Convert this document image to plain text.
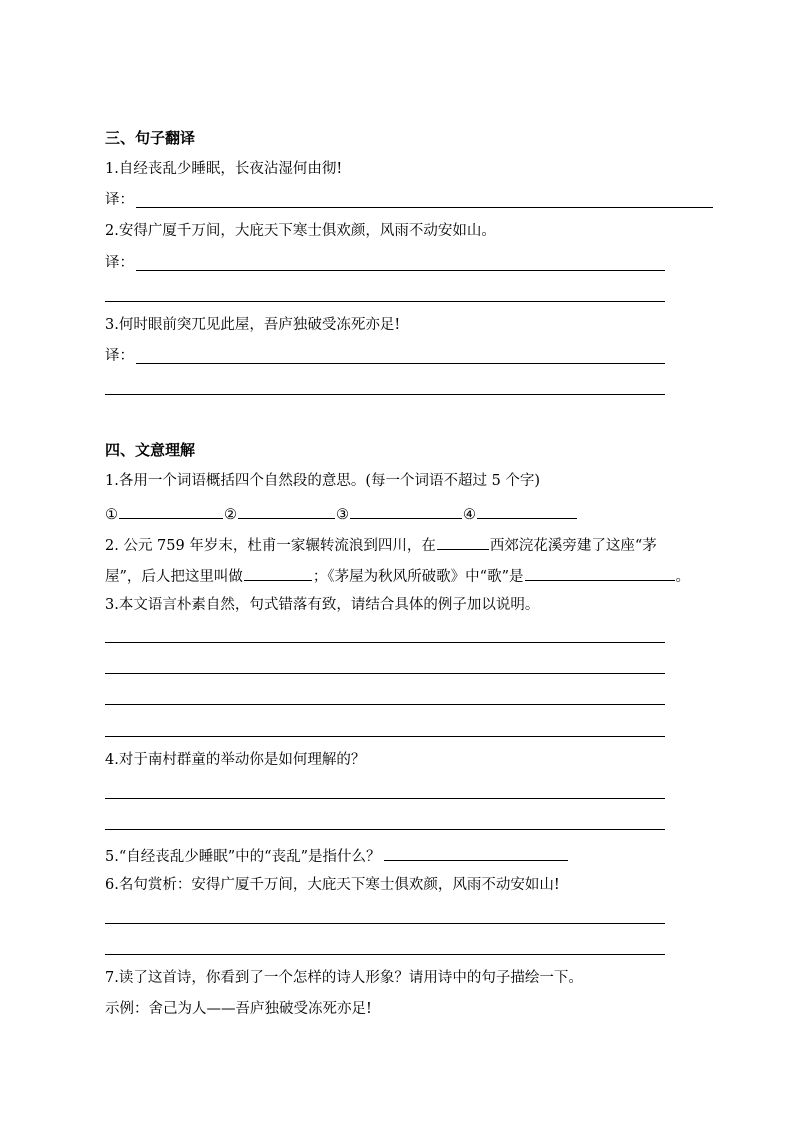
三、句子翻译
1.自经丧乱少睡眠，长夜沾湿何由彻!
译：
2.安得广厦千万间，大庇天下寒士俱欢颜，风雨不动安如山。
译：
3.何时眼前突兀见此屋，吾庐独破受冻死亦足!
译：
四、文意理解
1.各用一个词语概括四个自然段的意思。(每一个词语不超过 5 个字)
①	②	③	④
2. 公元 759 年岁末，杜甫一家辗转流浪到四川，在	西郊浣花溪旁建了这座“茅
屋”，后人把这里叫做	；《茅屋为秋风所破歌》中“歌”是	。
3.本文语言朴素自然，句式错落有致，请结合具体的例子加以说明。
4.对于南村群童的举动你是如何理解的？
5.“自经丧乱少睡眠”中的“丧乱”是指什么？
6.名句赏析：安得广厦千万间，大庇天下寒士俱欢颜，风雨不动安如山!
7.读了这首诗，你看到了一个怎样的诗人形象？请用诗中的句子描绘一下。
示例：舍己为人——吾庐独破受冻死亦足!
